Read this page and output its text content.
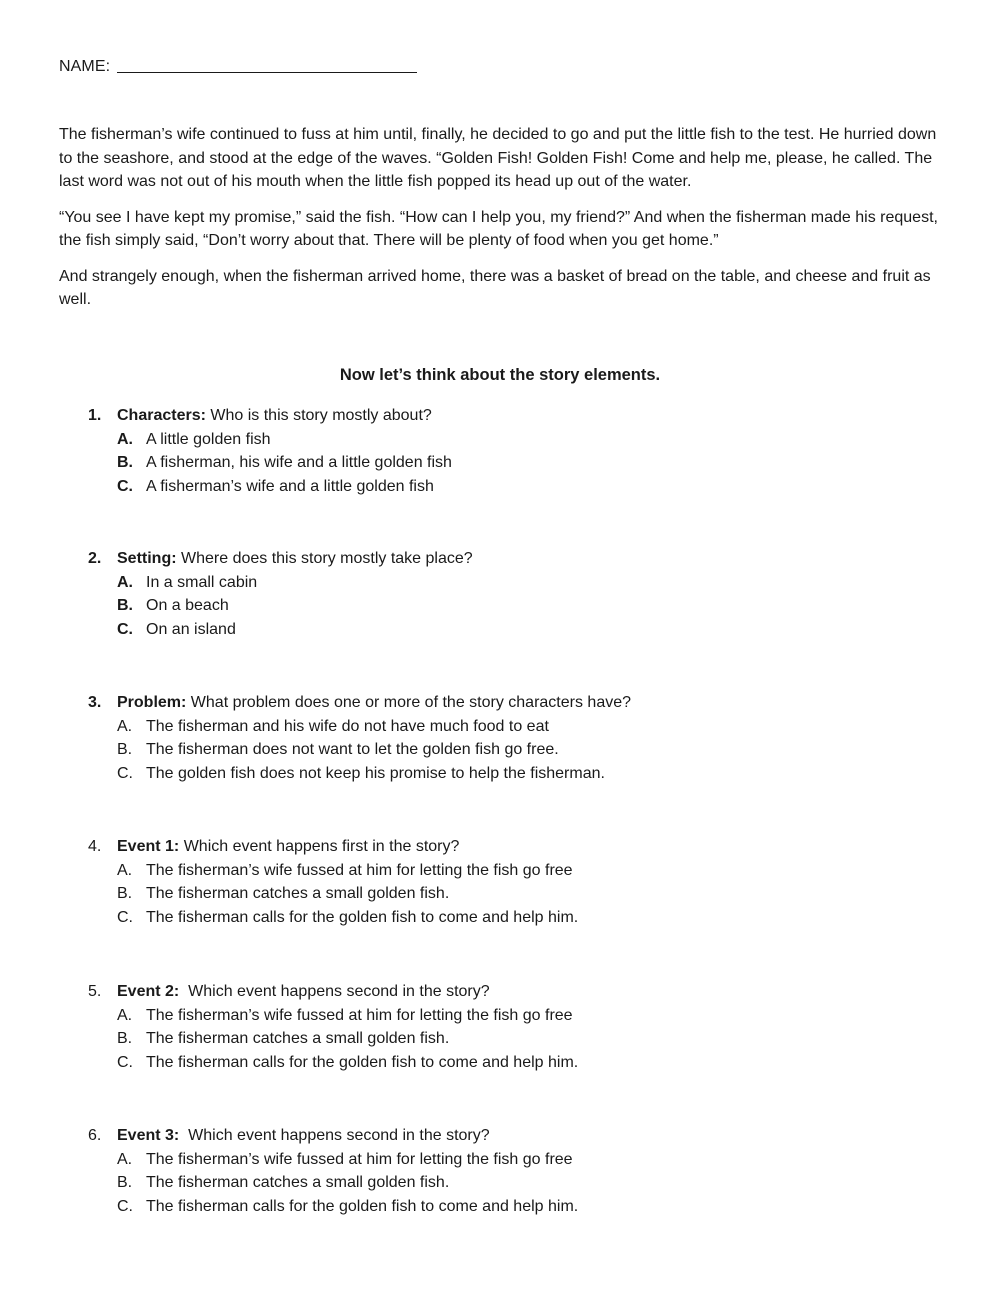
NAME:

The fisherman’s wife continued to fuss at him until, finally, he decided to go and put the little fish to the test. He hurried down to the seashore, and stood at the edge of the waves. “Golden Fish! Golden Fish! Come and help me, please, he called. The last word was not out of his mouth when the little fish popped its head up out of the water.

“You see I have kept my promise,” said the fish. “How can I help you, my friend?” And when the fisherman made his request, the fish simply said, “Don’t worry about that. There will be plenty of food when you get home.”

And strangely enough, when the fisherman arrived home, there was a basket of bread on the table, and cheese and fruit as well.

Now let’s think about the story elements.
1. Characters: Who is this story mostly about?
A. A little golden fish
B. A fisherman, his wife and a little golden fish
C. A fisherman’s wife and a little golden fish
2. Setting: Where does this story mostly take place?
A. In a small cabin
B. On a beach
C. On an island
3. Problem: What problem does one or more of the story characters have?
A. The fisherman and his wife do not have much food to eat
B. The fisherman does not want to let the golden fish go free.
C. The golden fish does not keep his promise to help the fisherman.
4. Event 1: Which event happens first in the story?
A. The fisherman’s wife fussed at him for letting the fish go free
B. The fisherman catches a small golden fish.
C. The fisherman calls for the golden fish to come and help him.
5. Event 2:  Which event happens second in the story?
A. The fisherman’s wife fussed at him for letting the fish go free
B. The fisherman catches a small golden fish.
C. The fisherman calls for the golden fish to come and help him.
6. Event 3:  Which event happens second in the story?
A. The fisherman’s wife fussed at him for letting the fish go free
B. The fisherman catches a small golden fish.
C. The fisherman calls for the golden fish to come and help him.
